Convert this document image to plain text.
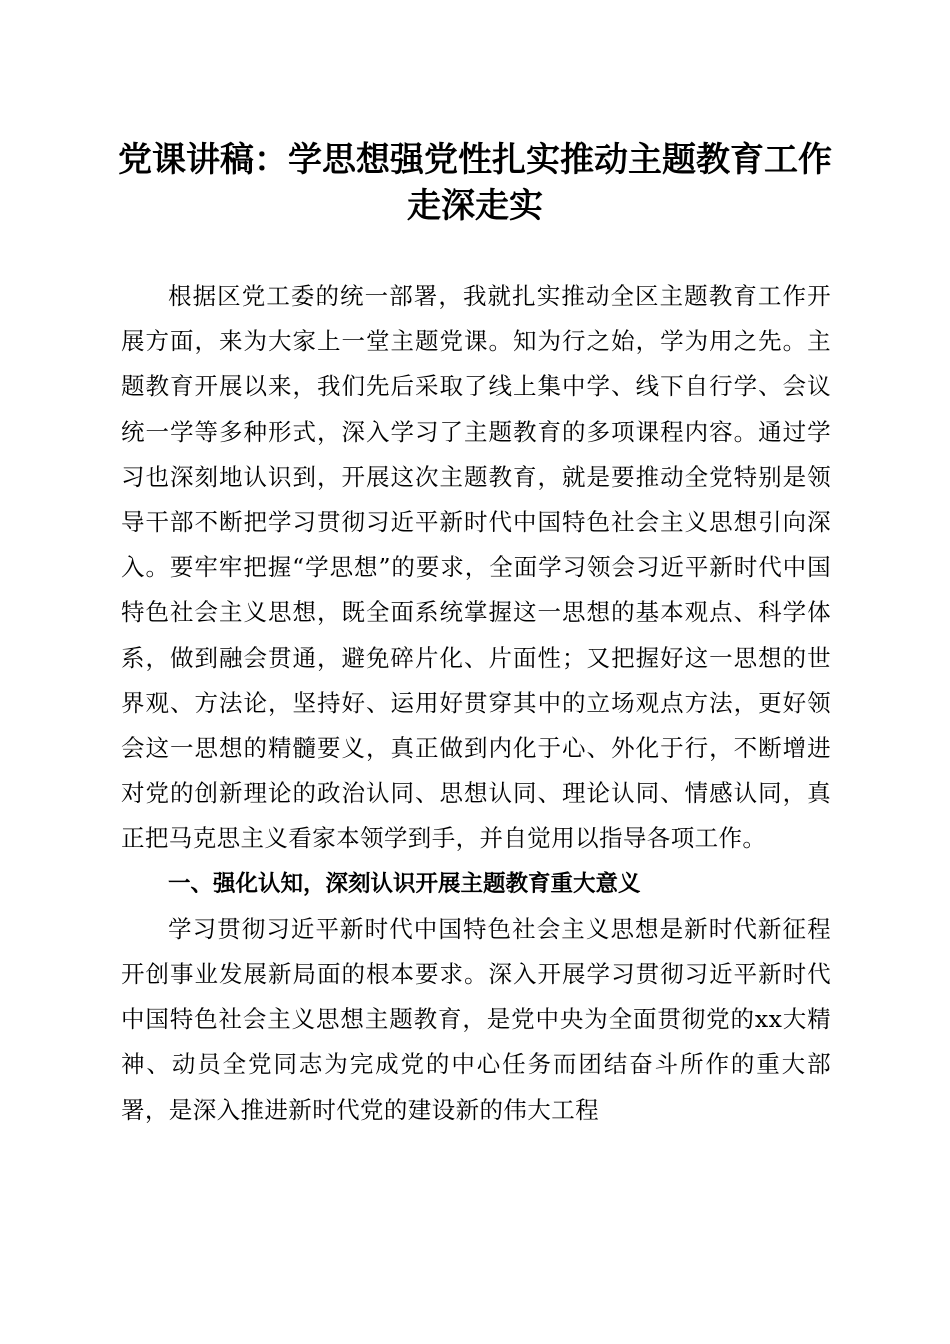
党课讲稿：学思想强党性扎实推动主题教育工作走深走实

根据区党工委的统一部署，我就扎实推动全区主题教育工作开展方面，来为大家上一堂主题党课。知为行之始，学为用之先。主题教育开展以来，我们先后采取了线上集中学、线下自行学、会议统一学等多种形式，深入学习了主题教育的多项课程内容。通过学习也深刻地认识到，开展这次主题教育，就是要推动全党特别是领导干部不断把学习贯彻习近平新时代中国特色社会主义思想引向深入。要牢牢把握“学思想”的要求，全面学习领会习近平新时代中国特色社会主义思想，既全面系统掌握这一思想的基本观点、科学体系，做到融会贯通，避免碎片化、片面性；又把握好这一思想的世界观、方法论，坚持好、运用好贯穿其中的立场观点方法，更好领会这一思想的精髓要义，真正做到内化于心、外化于行，不断增进对党的创新理论的政治认同、思想认同、理论认同、情感认同，真正把马克思主义看家本领学到手，并自觉用以指导各项工作。

一、强化认知，深刻认识开展主题教育重大意义

学习贯彻习近平新时代中国特色社会主义思想是新时代新征程开创事业发展新局面的根本要求。深入开展学习贯彻习近平新时代中国特色社会主义思想主题教育，是党中央为全面贯彻党的xx大精神、动员全党同志为完成党的中心任务而团结奋斗所作的重大部署，是深入推进新时代党的建设新的伟大工程
